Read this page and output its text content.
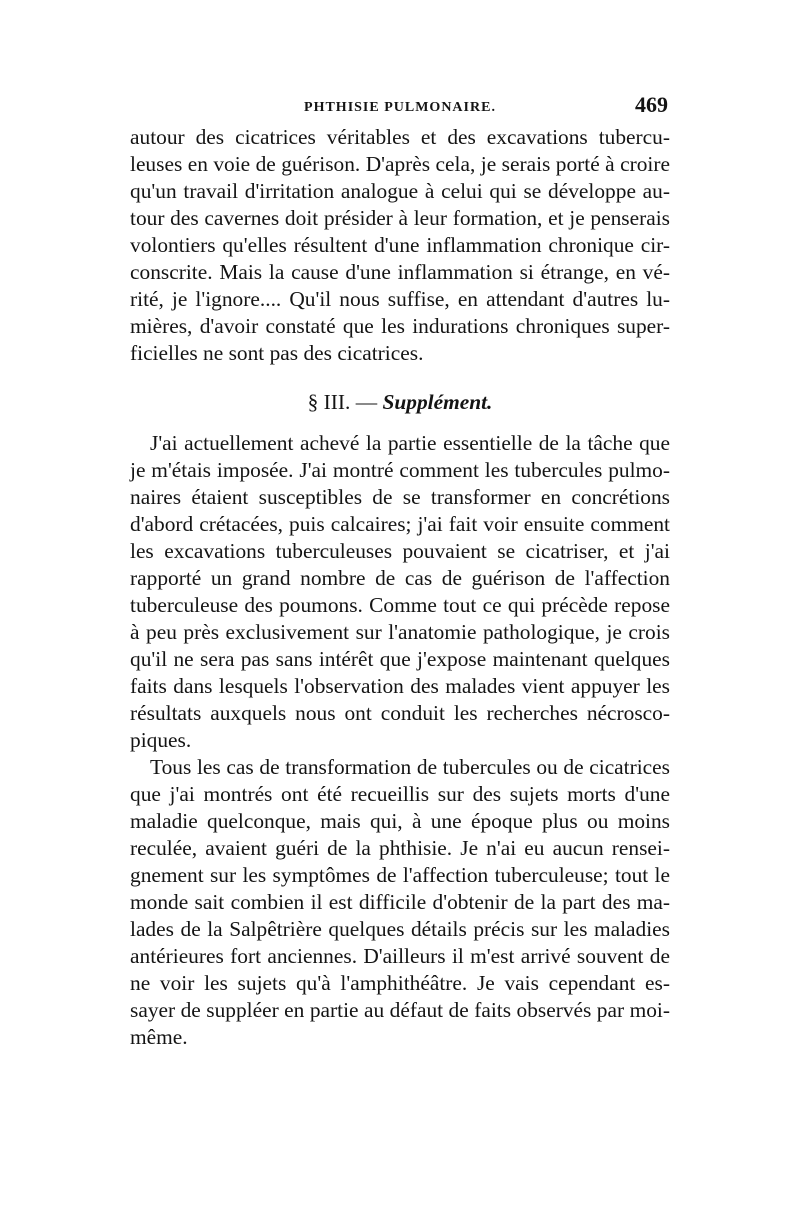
PHTHISIE PULMONAIRE.	469
autour des cicatrices véritables et des excavations tubercu-
leuses en voie de guérison. D'après cela, je serais porté à croire
qu'un travail d'irritation analogue à celui qui se développe au-
tour des cavernes doit présider à leur formation, et je penserais
volontiers qu'elles résultent d'une inflammation chronique cir-
conscrite. Mais la cause d'une inflammation si étrange, en vé-
rité, je l'ignore.... Qu'il nous suffise, en attendant d'autres lu-
mières, d'avoir constaté que les indurations chroniques super-
ficielles ne sont pas des cicatrices.
§ III. — Supplément.
J'ai actuellement achevé la partie essentielle de la tâche que
je m'étais imposée. J'ai montré comment les tubercules pulmo-
naires étaient susceptibles de se transformer en concrétions
d'abord crétacées, puis calcaires; j'ai fait voir ensuite comment
les excavations tuberculeuses pouvaient se cicatriser, et j'ai
rapporté un grand nombre de cas de guérison de l'affection
tuberculeuse des poumons. Comme tout ce qui précède repose
à peu près exclusivement sur l'anatomie pathologique, je crois
qu'il ne sera pas sans intérêt que j'expose maintenant quelques
faits dans lesquels l'observation des malades vient appuyer les
résultats auxquels nous ont conduit les recherches nécrosco-
piques.
Tous les cas de transformation de tubercules ou de cicatrices
que j'ai montrés ont été recueillis sur des sujets morts d'une
maladie quelconque, mais qui, à une époque plus ou moins
reculée, avaient guéri de la phthisie. Je n'ai eu aucun rensei-
gnement sur les symptômes de l'affection tuberculeuse; tout le
monde sait combien il est difficile d'obtenir de la part des ma-
lades de la Salpêtrière quelques détails précis sur les maladies
antérieures fort anciennes. D'ailleurs il m'est arrivé souvent de
ne voir les sujets qu'à l'amphithéâtre. Je vais cependant es-
sayer de suppléer en partie au défaut de faits observés par moi-
même.
